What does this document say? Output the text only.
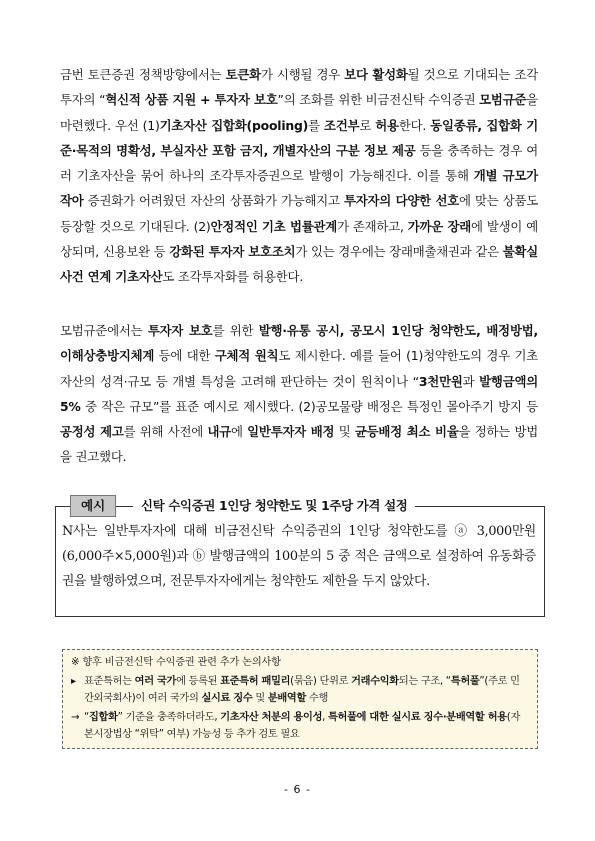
금번 토큰증권 정책방향에서는 토큰화가 시행될 경우 보다 활성화될 것으로 기대되는 조각투자의 “혁신적 상품 지원 + 투자자 보호”의 조화를 위한 비금전신탁 수익증권 모범규준을 마련했다. 우선 (1)기초자산 집합화(pooling)를 조건부로 허용한다. 동일종류, 집합화 기준·목적의 명확성, 부실자산 포함 금지, 개별자산의 구분 정보 제공 등을 충족하는 경우 여러 기초자산을 묶어 하나의 조각투자증권으로 발행이 가능해진다. 이를 통해 개별 규모가 작아 증권화가 어려웠던 자산의 상품화가 가능해지고 투자자의 다양한 선호에 맞는 상품도 등장할 것으로 기대된다. (2)안정적인 기초 법률관계가 존재하고, 가까운 장래에 발생이 예상되며, 신용보완 등 강화된 투자자 보호조치가 있는 경우에는 장래매출채권과 같은 불확실사건 연계 기초자산도 조각투자화를 허용한다.

모범규준에서는 투자자 보호를 위한 발행·유통 공시, 공모시 1인당 청약한도, 배정방법, 이해상충방지체계 등에 대한 구체적 원칙도 제시한다. 예를 들어 (1)청약한도의 경우 기초자산의 성격·규모 등 개별 특성을 고려해 판단하는 것이 원칙이나 “3천만원과 발행금액의 5% 중 작은 규모”를 표준 예시로 제시했다. (2)공모물량 배정은 특정인 몰아주기 방지 등 공정성 제고를 위해 사전에 내규에 일반투자자 배정 및 균등배정 최소 비율을 정하는 방법을 권고했다.

예시	신탁 수익증권 1인당 청약한도 및 1주당 가격 설정

N사는 일반투자자에 대해 비금전신탁 수익증권의 1인당 청약한도를 ⓐ 3,000만원(6,000주×5,000원)과 ⓑ 발행금액의 100분의 5 중 적은 금액으로 설정하여 유동화증권을 발행하였으며, 전문투자자에게는 청약한도 제한을 두지 않았다.

※ 향후 비금전신탁 수익증권 관련 추가 논의사항

▸ 표준특허는 여러 국가에 등록된 표준특허 패밀리(묶음) 단위로 거래수익화되는 구조, “특허풀”(주로 민간외국회사)이 여러 국가의 실시료 징수 및 분배역할 수행

→ “집합화” 기준을 충족하더라도, 기초자산 처분의 용이성, 특허풀에 대한 실시료 징수·분배역할 허용(자본시장법상 “위탁” 여부) 가능성 등 추가 검토 필요

- 6 -
